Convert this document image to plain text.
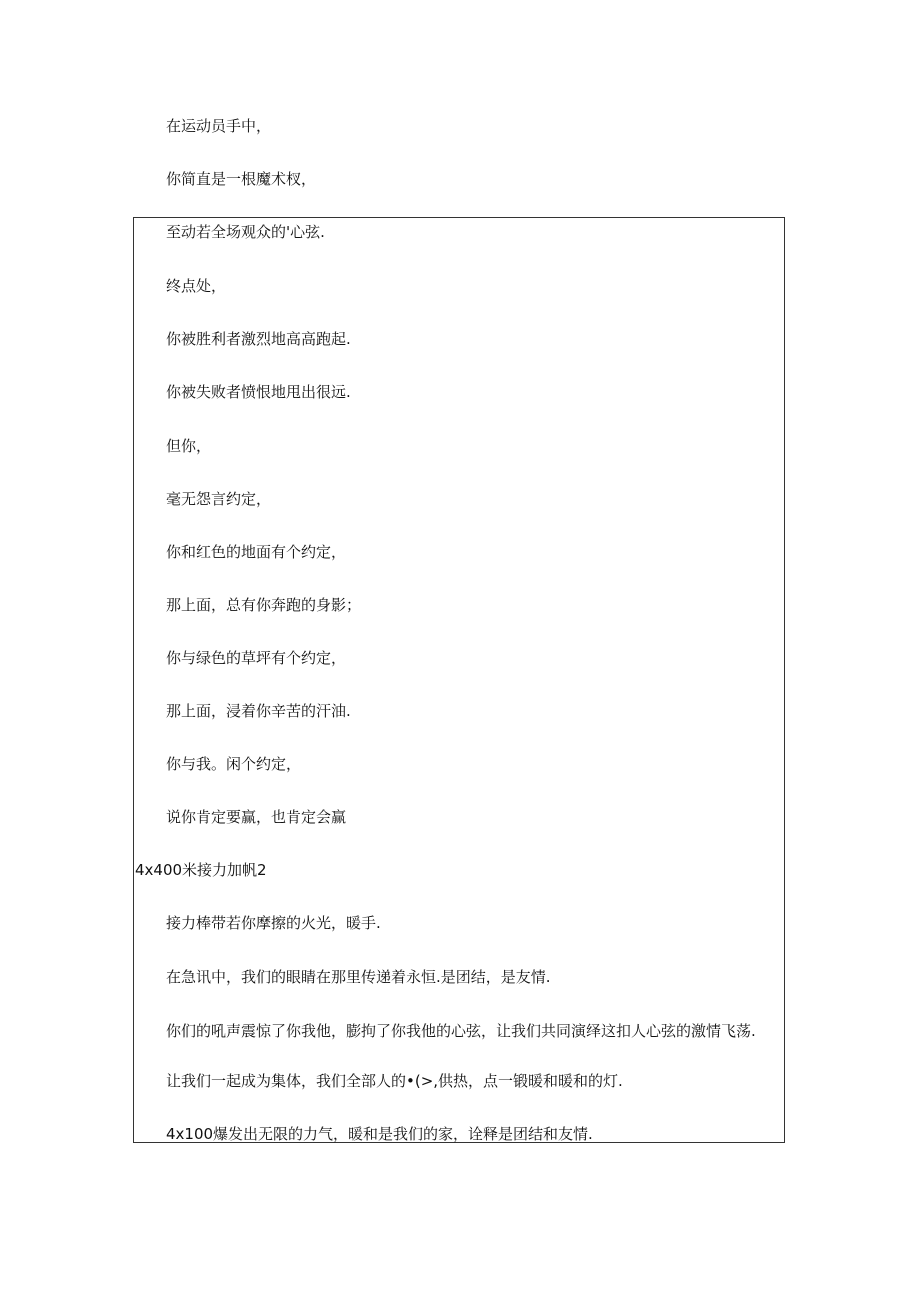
在运动员手中，
你简直是一根魔术杈，
至动若全场观众的'心弦.
终点处，
你被胜利者激烈地高高跑起.
你被失败者愤恨地甩出很远.
但你，
毫无怨言约定，
你和红色的地面有个约定，
那上面，总有你奔跑的身影；
你与绿色的草坪有个约定，
那上面，浸着你辛苦的汗油.
你与我。闲个约定，
说你肯定要赢，也肯定会赢
4x400米接力加帆2
接力棒带若你摩擦的火光，暖手.
在急讯中，我们的眼睛在那里传递着永恒.是团结，是友情.
你们的吼声震惊了你我他，膨拘了你我他的心弦，让我们共同演绎这扣人心弦的激情飞荡.
让我们一起成为集体，我们全部人的•(>,供热，点一锻暖和暖和的灯.
4x100爆发出无限的力气，暖和是我们的家，诠释是团结和友情.
